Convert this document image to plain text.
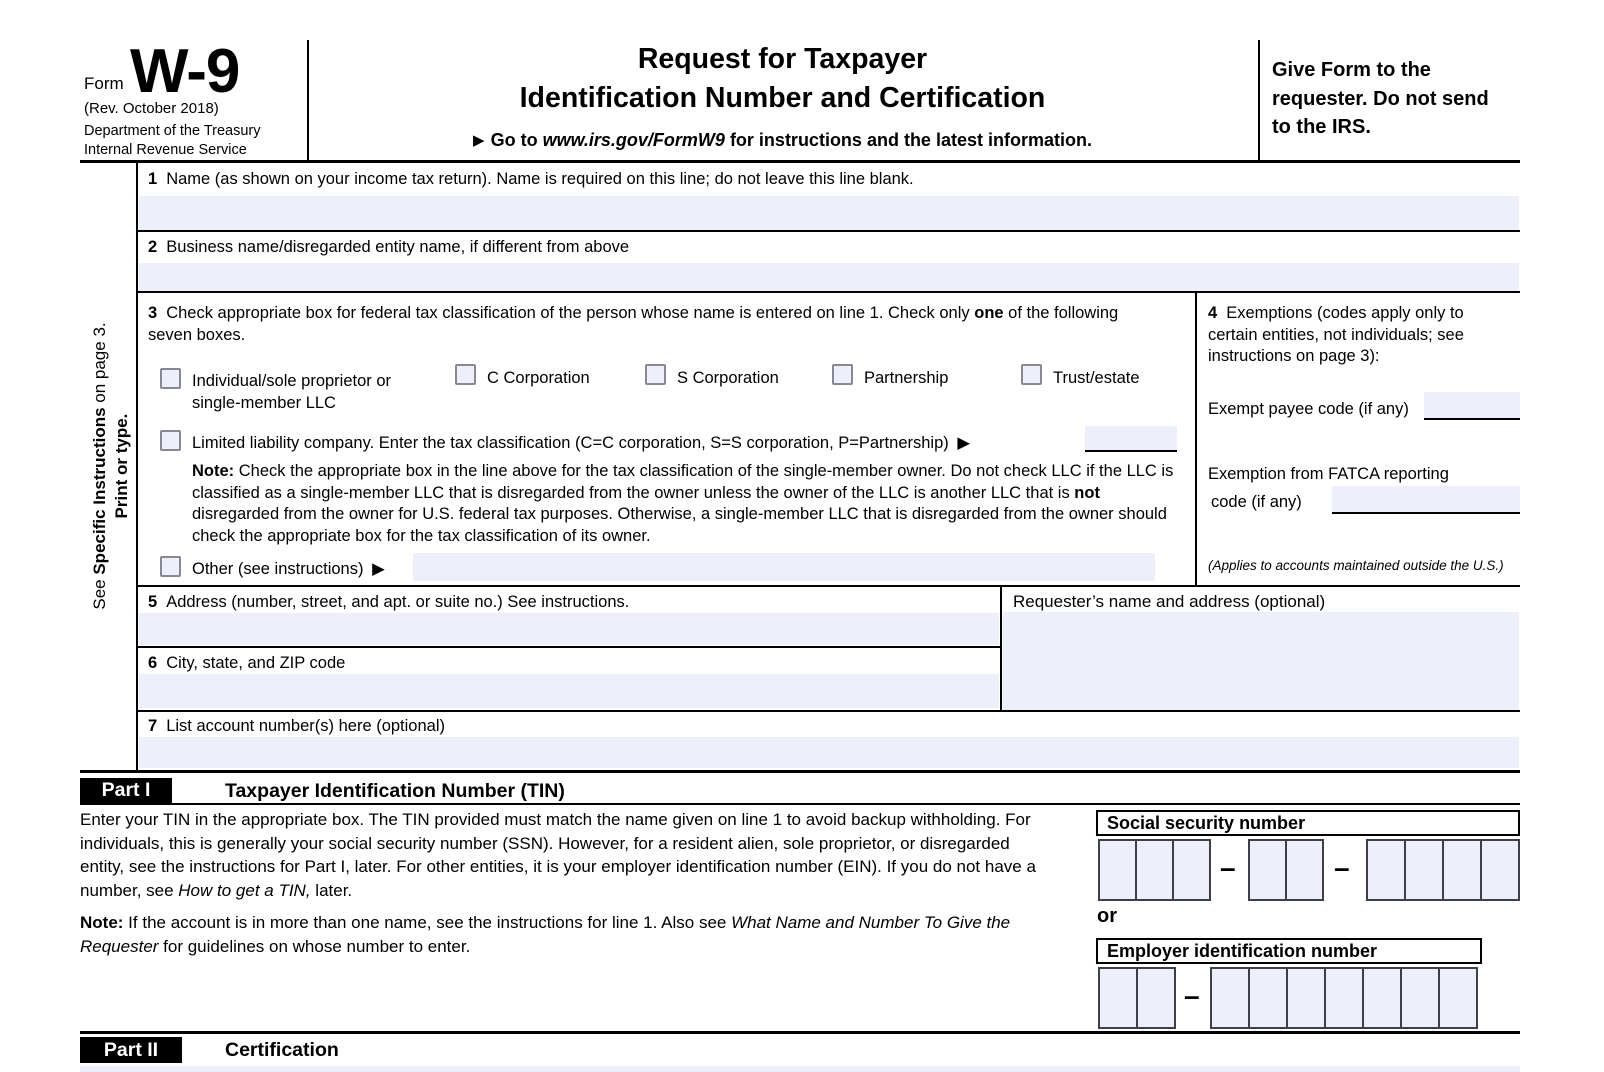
Form W-9
(Rev. October 2018)
Department of the Treasury
Internal Revenue Service
Request for Taxpayer
Identification Number and Certification
▶ Go to www.irs.gov/FormW9 for instructions and the latest information.
Give Form to the requester. Do not send to the IRS.
See Specific Instructions on page 3.
Print or type.
1 Name (as shown on your income tax return). Name is required on this line; do not leave this line blank.
2 Business name/disregarded entity name, if different from above
3 Check appropriate box for federal tax classification of the person whose name is entered on line 1. Check only one of the following seven boxes.
Individual/sole proprietor or single-member LLC
C Corporation	S Corporation	Partnership	Trust/estate
Limited liability company. Enter the tax classification (C=C corporation, S=S corporation, P=Partnership) ▶
Note: Check the appropriate box in the line above for the tax classification of the single-member owner. Do not check LLC if the LLC is classified as a single-member LLC that is disregarded from the owner unless the owner of the LLC is another LLC that is not disregarded from the owner for U.S. federal tax purposes. Otherwise, a single-member LLC that is disregarded from the owner should check the appropriate box for the tax classification of its owner.
Other (see instructions) ▶
4 Exemptions (codes apply only to certain entities, not individuals; see instructions on page 3):
Exempt payee code (if any)
Exemption from FATCA reporting
code (if any)
(Applies to accounts maintained outside the U.S.)
5 Address (number, street, and apt. or suite no.) See instructions.
6 City, state, and ZIP code
Requester’s name and address (optional)
7 List account number(s) here (optional)
Part I	Taxpayer Identification Number (TIN)

Enter your TIN in the appropriate box. The TIN provided must match the name given on line 1 to avoid backup withholding. For individuals, this is generally your social security number (SSN). However, for a resident alien, sole proprietor, or disregarded entity, see the instructions for Part I, later. For other entities, it is your employer identification number (EIN). If you do not have a number, see How to get a TIN, later.

Note: If the account is in more than one name, see the instructions for line 1. Also see What Name and Number To Give the Requester for guidelines on whose number to enter.

Social security number
–	–
or
Employer identification number
–
Part II	Certification
